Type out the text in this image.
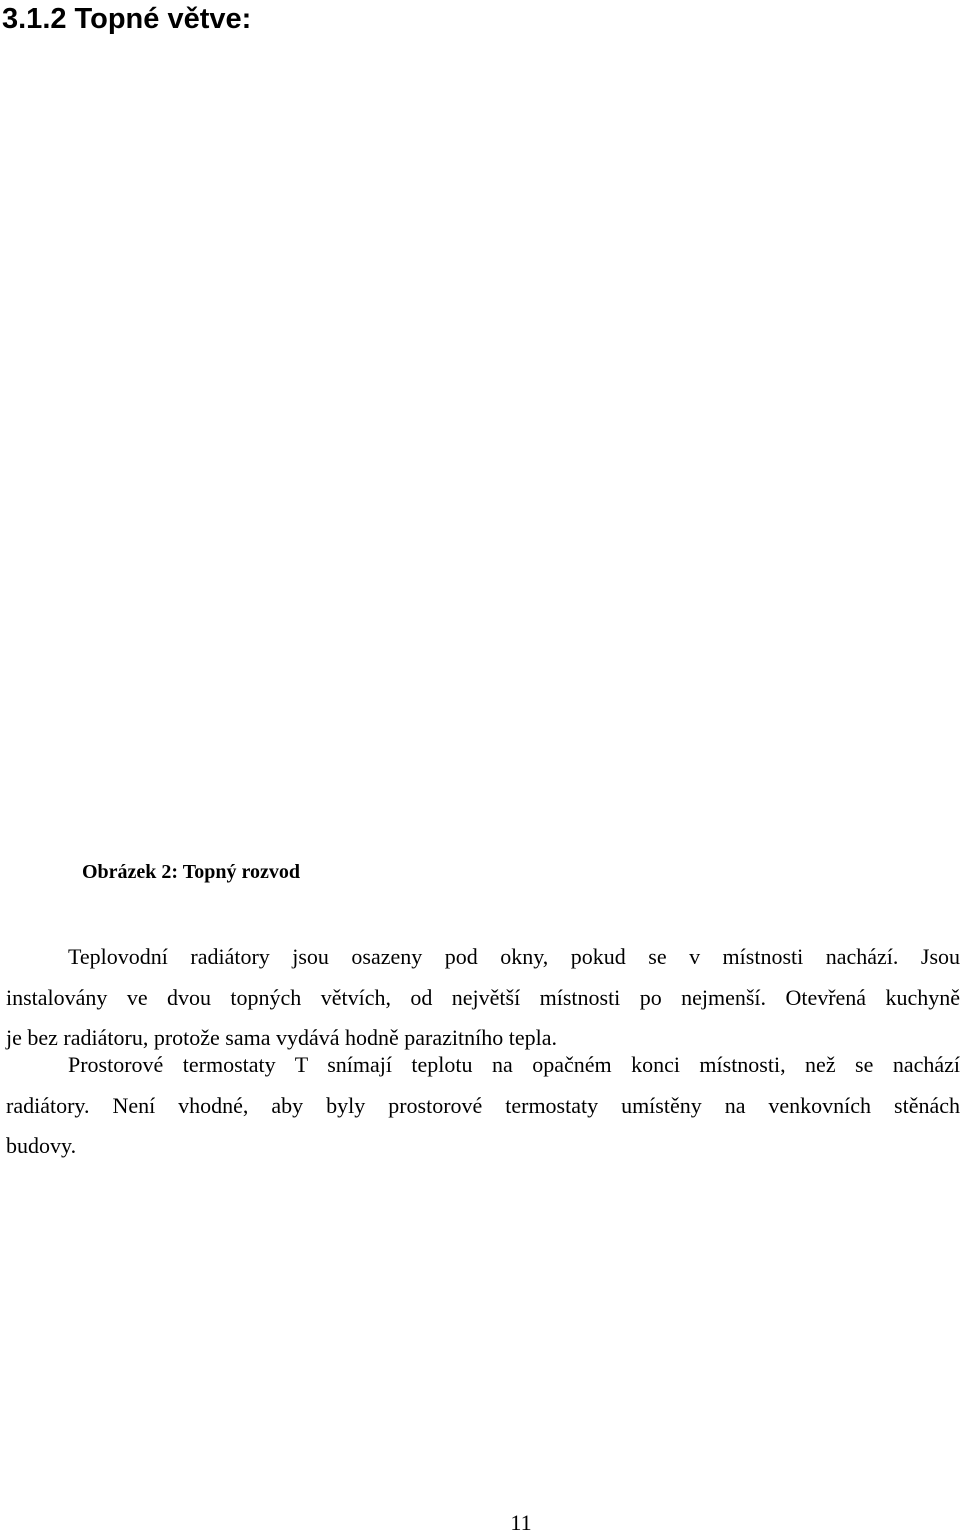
3.1.2 Topné větve:

Obrázek 2: Topný rozvod

Teplovodní radiátory jsou osazeny pod okny, pokud se v místnosti nachází. Jsou
instalovány ve dvou topných větvích, od největší místnosti po nejmenší. Otevřená kuchyně
je bez radiátoru, protože sama vydává hodně parazitního tepla.
Prostorové termostaty T snímají teplotu na opačném konci místnosti, než se nachází
radiátory. Není vhodné, aby byly prostorové termostaty umístěny na venkovních stěnách
budovy.

11
